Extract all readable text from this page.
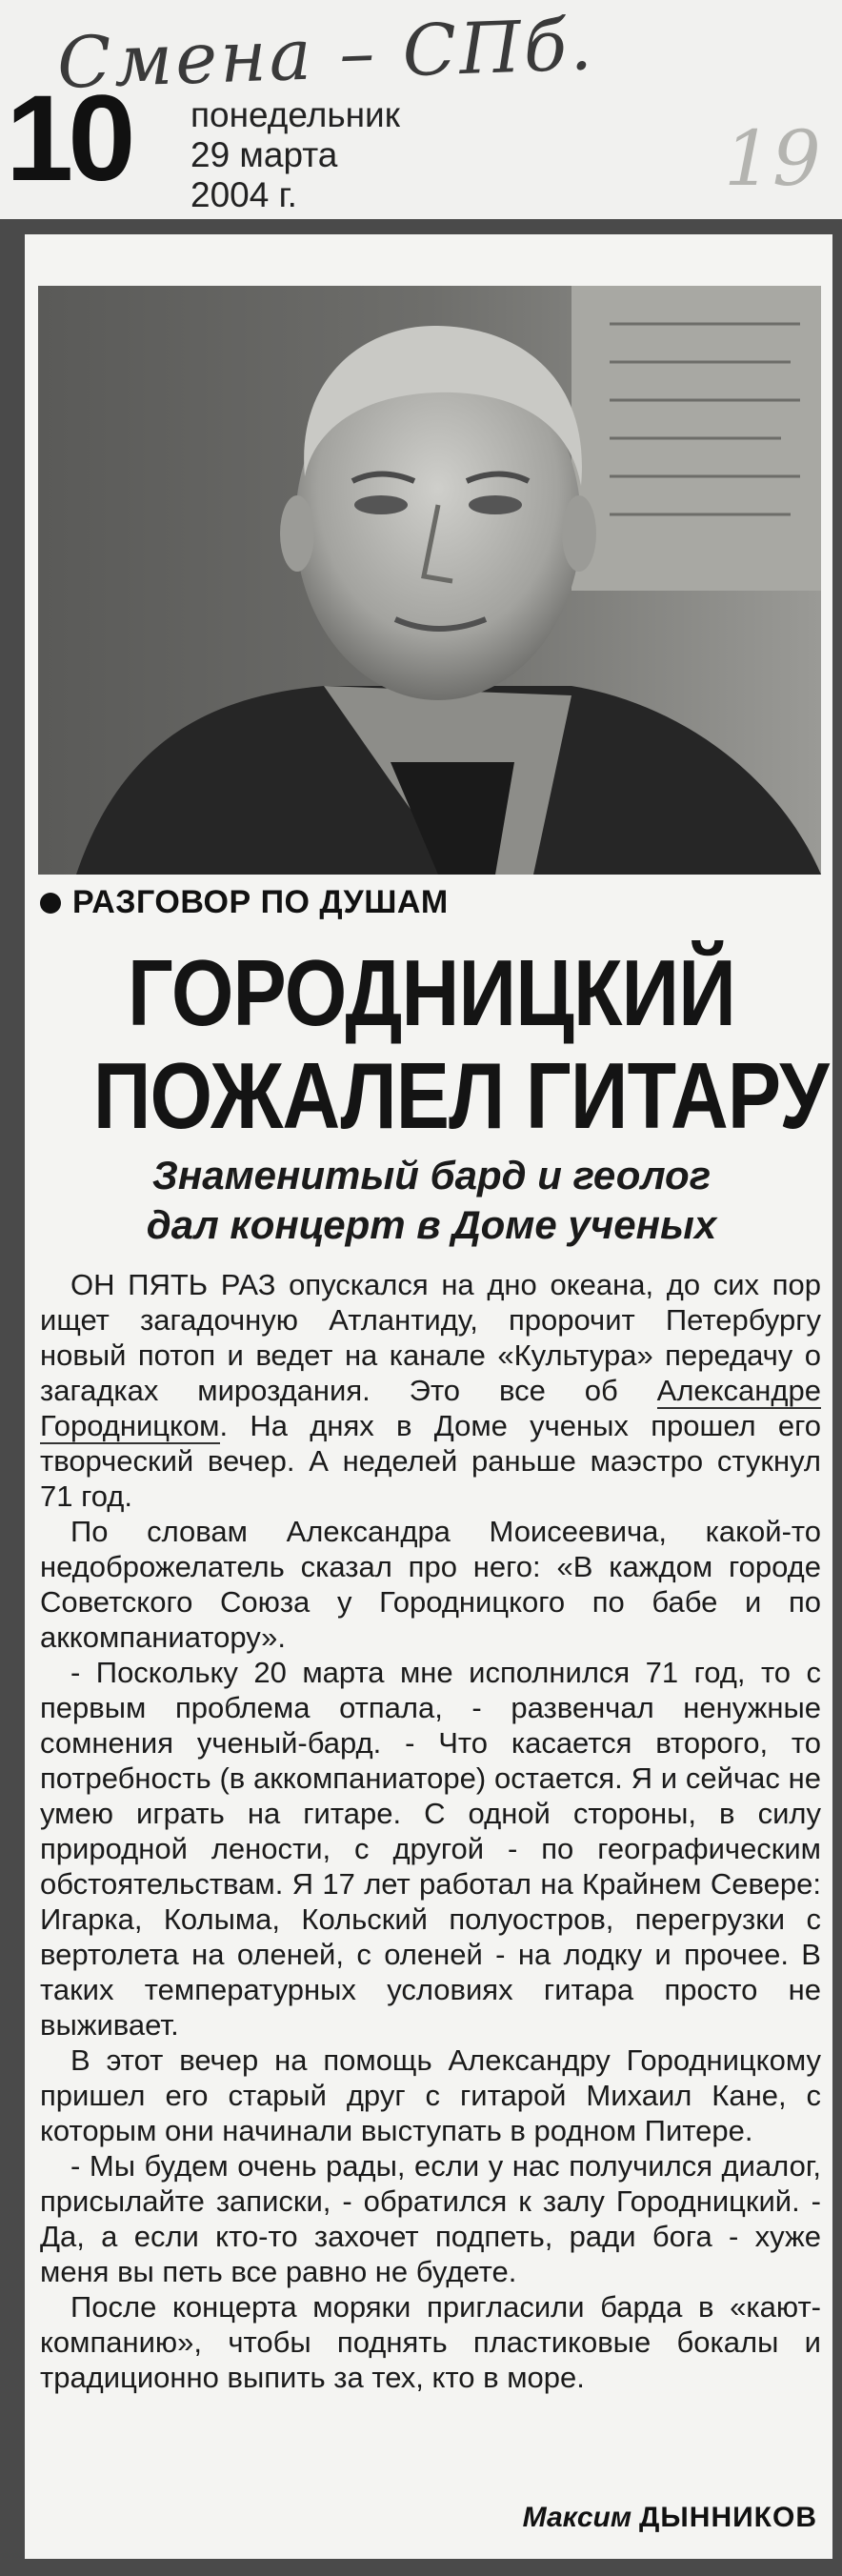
Смена – СПб.
10 понедельник
29 марта
2004 г.	19
РАЗГОВОР ПО ДУШАМ
ГОРОДНИЦКИЙ
ПОЖАЛЕЛ ГИТАРУ
Знаменитый бард и геолог
дал концерт в Доме ученых

ОН ПЯТЬ РАЗ опускался на дно океана, до сих пор ищет загадочную Атлантиду, пророчит Петербургу новый потоп и ведет на канале «Культура» передачу о загадках мироздания. Это все об Александре Городницком. На днях в Доме ученых прошел его творческий вечер. А неделей раньше маэстро стукнул 71 год.

По словам Александра Моисеевича, какой-то недоброжелатель сказал про него: «В каждом городе Советского Союза у Городницкого по бабе и по аккомпаниатору».

- Поскольку 20 марта мне исполнился 71 год, то с первым проблема отпала, - развенчал ненужные сомнения ученый-бард. - Что касается второго, то потребность (в аккомпаниаторе) остается. Я и сейчас не умею играть на гитаре. С одной стороны, в силу природной лености, с другой - по географическим обстоятельствам. Я 17 лет работал на Крайнем Севере: Игарка, Колыма, Кольский полуостров, перегрузки с вертолета на оленей, с оленей - на лодку и прочее. В таких температурных условиях гитара просто не выживает.

В этот вечер на помощь Александру Городницкому пришел его старый друг с гитарой Михаил Кане, с которым они начинали выступать в родном Питере.

- Мы будем очень рады, если у нас получился диалог, присылайте записки, - обратился к залу Городницкий. - Да, а если кто-то захочет подпеть, ради бога - хуже меня вы петь все равно не будете.

После концерта моряки пригласили барда в «кают-компанию», чтобы поднять пластиковые бокалы и традиционно выпить за тех, кто в море.

Максим ДЫННИКОВ
